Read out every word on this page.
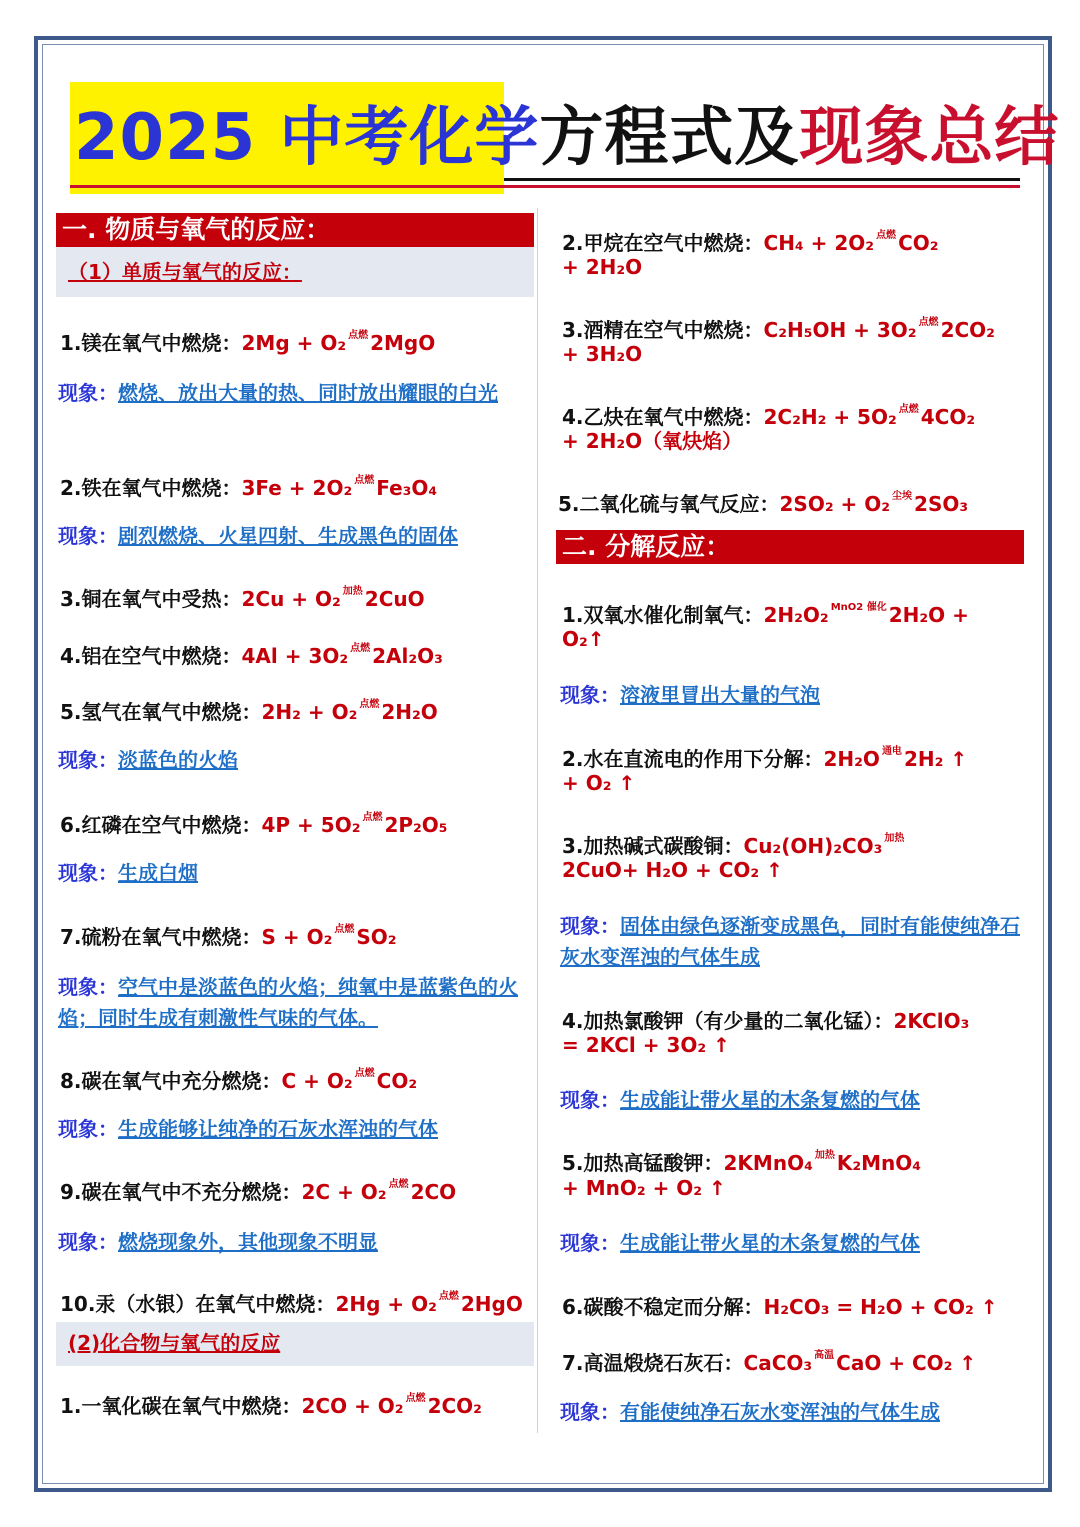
2025 中考化学方程式及现象总结
一. 物质与氧气的反应：
（1）单质与氧气的反应：
(2)化合物与氧气的反应
二. 分解反应：
1.镁在氧气中燃烧：2Mg + O₂ $^{点燃}$ 2MgO
现象：燃烧、放出大量的热、同时放出耀眼的白光
2.铁在氧气中燃烧：3Fe + 2O₂ $^{点燃}$ Fe₃O₄
现象：剧烈燃烧、火星四射、生成黑色的固体
3.铜在氧气中受热：2Cu + O₂ $^{加热}$ 2CuO
4.铝在空气中燃烧：4Al + 3O₂ $^{点燃}$ 2Al₂O₃
5.氢气在氧气中燃烧：2H₂ + O₂ $^{点燃}$ 2H₂O
现象：淡蓝色的火焰
6.红磷在空气中燃烧：4P + 5O₂ $^{点燃}$ 2P₂O₅
现象：生成白烟
7.硫粉在氧气中燃烧：S + O₂ $^{点燃}$ SO₂
现象：空气中是淡蓝色的火焰；纯氧中是蓝紫色的火焰；同时生成有刺激性气味的气体。
8.碳在氧气中充分燃烧：C + O₂ $^{点燃}$ CO₂
现象：生成能够让纯净的石灰水浑浊的气体
9.碳在氧气中不充分燃烧：2C + O₂ $^{点燃}$ 2CO
现象：燃烧现象外，其他现象不明显
10.汞（水银）在氧气中燃烧：2Hg + O₂ $^{点燃}$ 2HgO
1.一氧化碳在氧气中燃烧：2CO + O₂ $^{点燃}$ 2CO₂
2.甲烷在空气中燃烧：CH₄ + 2O₂ $^{点燃}$ CO₂
+ 2H₂O
3.酒精在空气中燃烧：C₂H₅OH + 3O₂ $^{点燃}$ 2CO₂
+ 3H₂O
4.乙炔在氧气中燃烧：2C₂H₂ + 5O₂ $^{点燃}$ 4CO₂
+ 2H₂O（氧炔焰）
5.二氧化硫与氧气反应：2SO₂ + O₂ $^{尘埃}$ 2SO₃
1.双氧水催化制氧气：2H₂O₂ $^{MnO2 催化}$ 2H₂O +
O₂↑
现象：溶液里冒出大量的气泡
2.水在直流电的作用下分解：2H₂O $^{通电}$ 2H₂ ↑
+ O₂ ↑
3.加热碱式碳酸铜：Cu₂(OH)₂CO₃ $^{加热}$
2CuO+ H₂O + CO₂ ↑
现象：固体由绿色逐渐变成黑色，同时有能使纯净石灰水变浑浊的气体生成
4.加热氯酸钾（有少量的二氧化锰）：2KClO₃
= 2KCl + 3O₂ ↑
现象：生成能让带火星的木条复燃的气体
5.加热高锰酸钾：2KMnO₄ $^{加热}$ K₂MnO₄
+ MnO₂ + O₂ ↑
现象：生成能让带火星的木条复燃的气体
6.碳酸不稳定而分解：H₂CO₃ = H₂O + CO₂ ↑
7.高温煅烧石灰石：CaCO₃ $^{高温}$ CaO + CO₂ ↑
现象：有能使纯净石灰水变浑浊的气体生成
